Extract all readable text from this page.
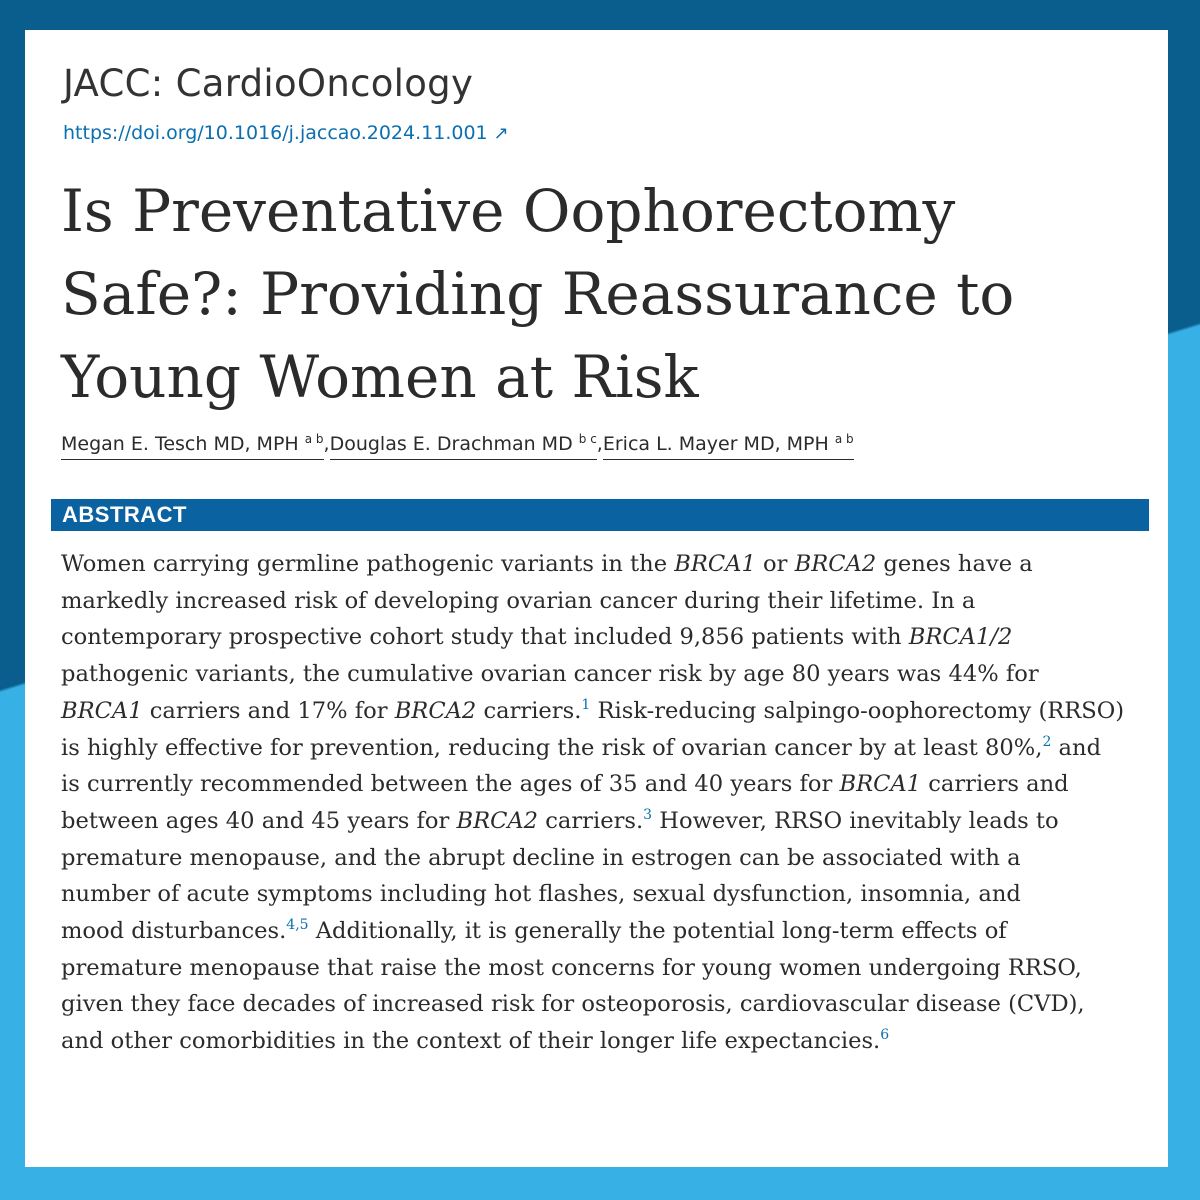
JACC: CardioOncology
https://doi.org/10.1016/j.jaccao.2024.11.001 ↗
Is Preventative Oophorectomy
Safe?: Providing Reassurance to
Young Women at Risk
Megan E. Tesch MD, MPH $^{a b}$,Douglas E. Drachman MD $^{b c}$,Erica L. Mayer MD, MPH $^{a b}$
ABSTRACT
Women carrying germline pathogenic variants in the BRCA1 or BRCA2 genes have a
markedly increased risk of developing ovarian cancer during their lifetime. In a
contemporary prospective cohort study that included 9,856 patients with BRCA1/2
pathogenic variants, the cumulative ovarian cancer risk by age 80 years was 44% for
BRCA1 carriers and 17% for BRCA2 carriers.$^1$ Risk-reducing salpingo-oophorectomy (RRSO)
is highly effective for prevention, reducing the risk of ovarian cancer by at least 80%,$^2$ and
is currently recommended between the ages of 35 and 40 years for BRCA1 carriers and
between ages 40 and 45 years for BRCA2 carriers.$^3$ However, RRSO inevitably leads to
premature menopause, and the abrupt decline in estrogen can be associated with a
number of acute symptoms including hot flashes, sexual dysfunction, insomnia, and
mood disturbances.$^{4,5}$ Additionally, it is generally the potential long-term effects of
premature menopause that raise the most concerns for young women undergoing RRSO,
given they face decades of increased risk for osteoporosis, cardiovascular disease (CVD),
and other comorbidities in the context of their longer life expectancies.$^6$
